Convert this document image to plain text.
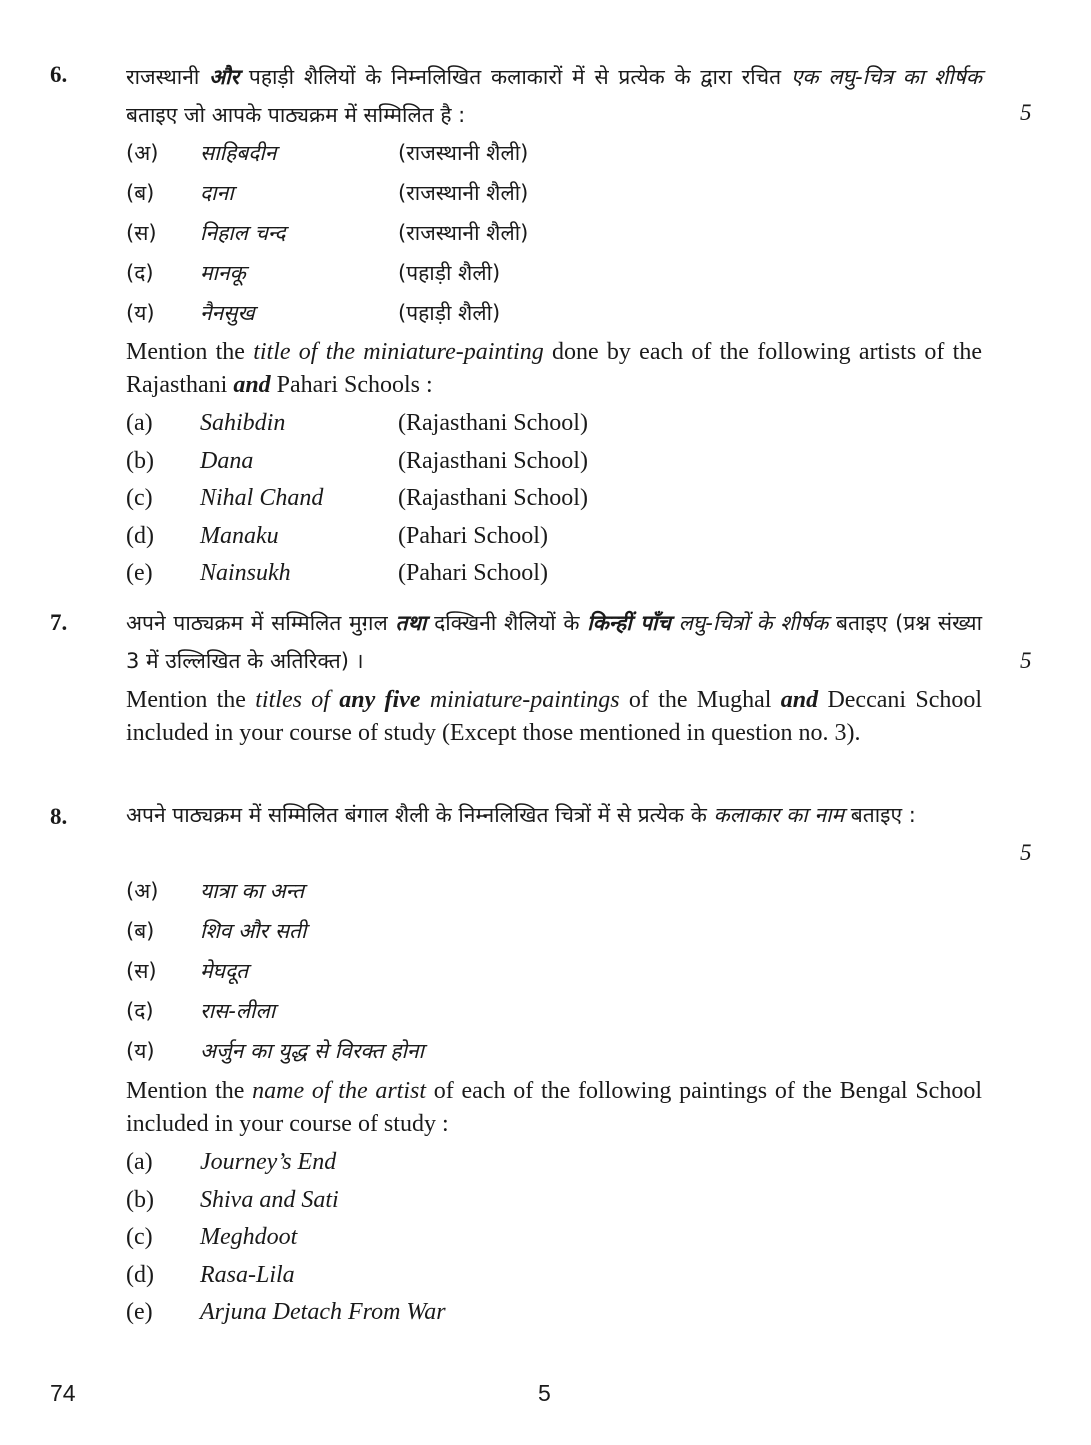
6.
5
राजस्थानी और पहाड़ी शैलियों के निम्नलिखित कलाकारों में से प्रत्येक के द्वारा रचित एक लघु-चित्र का शीर्षक बताइए जो आपके पाठ्यक्रम में सम्मिलित है :
(अ) साहिबदीन	(राजस्थानी शैली)
(ब) दाना	(राजस्थानी शैली)
(स) निहाल चन्द	(राजस्थानी शैली)
(द) मानकू	(पहाड़ी शैली)
(य) नैनसुख	(पहाड़ी शैली)
Mention the title of the miniature-painting done by each of the following artists of the Rajasthani and Pahari Schools :
(a) Sahibdin	(Rajasthani School)
(b) Dana	(Rajasthani School)
(c) Nihal Chand	(Rajasthani School)
(d) Manaku	(Pahari School)
(e) Nainsukh	(Pahari School)
7.
5
अपने पाठ्यक्रम में सम्मिलित मुग़ल तथा दक्खिनी शैलियों के किन्हीं पाँच लघु-चित्रों के शीर्षक बताइए (प्रश्न संख्या 3 में उल्लिखित के अतिरिक्त) ।
Mention the titles of any five miniature-paintings of the Mughal and Deccani School included in your course of study (Except those mentioned in question no. 3).
8.
5
अपने पाठ्यक्रम में सम्मिलित बंगाल शैली के निम्नलिखित चित्रों में से प्रत्येक के कलाकार का नाम बताइए :
(अ) यात्रा का अन्त
(ब) शिव और सती
(स) मेघदूत
(द) रास-लीला
(य) अर्जुन का युद्ध से विरक्त होना
Mention the name of the artist of each of the following paintings of the Bengal School included in your course of study :
(a) Journey’s End
(b) Shiva and Sati
(c) Meghdoot
(d) Rasa-Lila
(e) Arjuna Detach From War
74	5
